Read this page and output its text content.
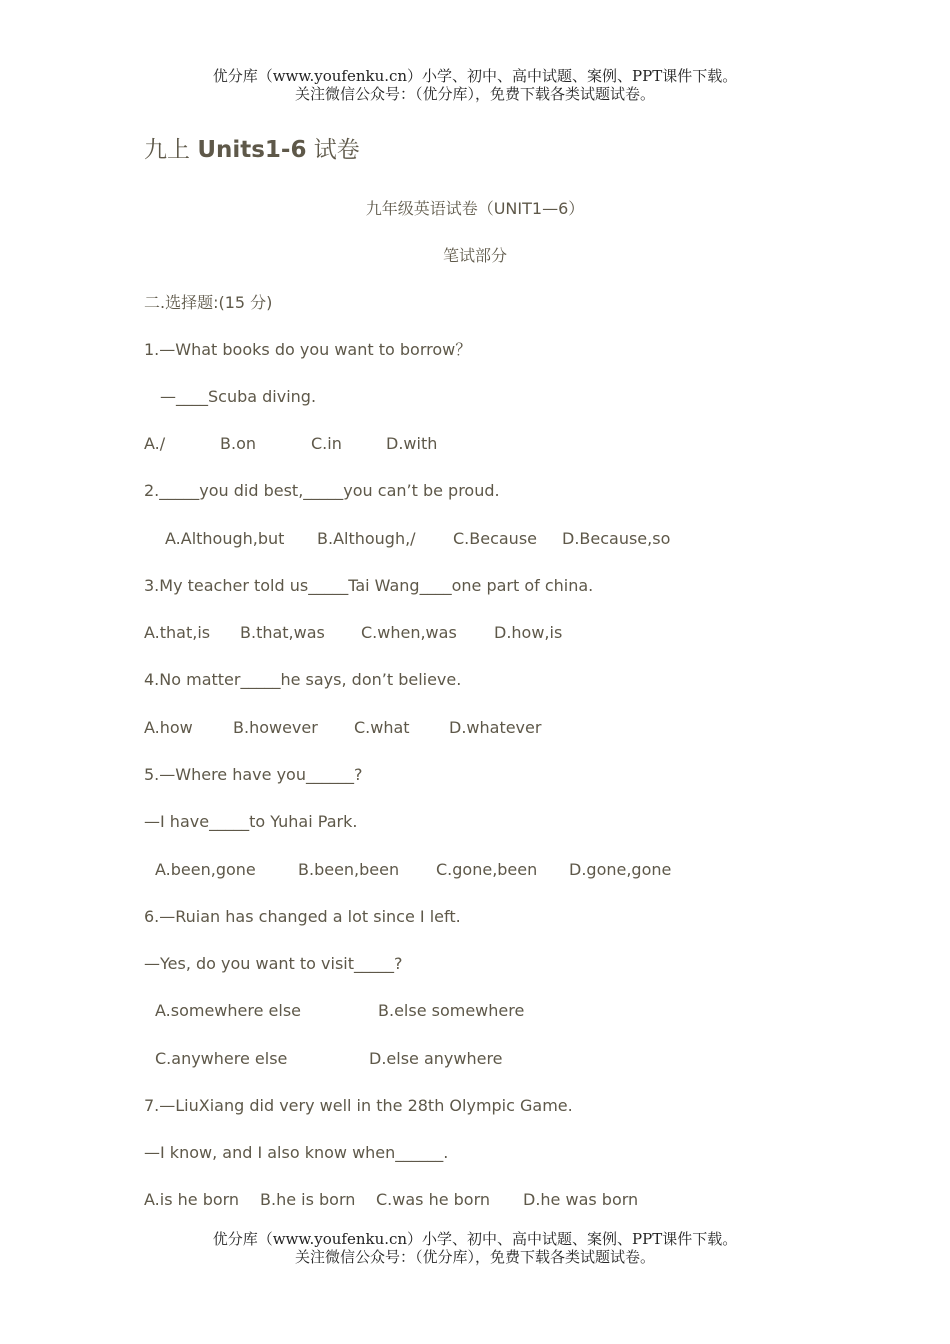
优分库（www.youfenku.cn）小学、初中、高中试题、案例、PPT课件下载。
关注微信公众号：（优分库），免费下载各类试题试卷。
九上 Units1-6 试卷
九年级英语试卷（UNIT1—6）
笔试部分
二.选择题:(15 分)
1.—What books do you want to borrow？
—____Scuba diving.

A./

	B.on

	C.in

	D.with

2._____you did best,_____you can’t be proud.

A.Although,but

B.Although,/

C.Because

D.Because,so

3.My teacher told us_____Tai Wang____one part of china.

A.that,is

B.that,was

C.when,was

D.how,is

4.No matter_____he says, don’t believe.

A.how

	B.however

C.what

D.whatever

5.—Where have you______?
—I have_____to Yuhai Park.

A.been,gone

	B.been,been

C.gone,been

D.gone,gone

6.—Ruian has changed a lot since I left.
—Yes, do you want to visit_____?

A.somewhere else

	B.else somewhere

C.anywhere else

	D.else anywhere

7.—LiuXiang did very well in the 28th Olympic Game.
—I know, and I also know when______.

A.is he born

B.he is born

C.was he born

D.he was born

优分库（www.youfenku.cn）小学、初中、高中试题、案例、PPT课件下载。
关注微信公众号：（优分库），免费下载各类试题试卷。
